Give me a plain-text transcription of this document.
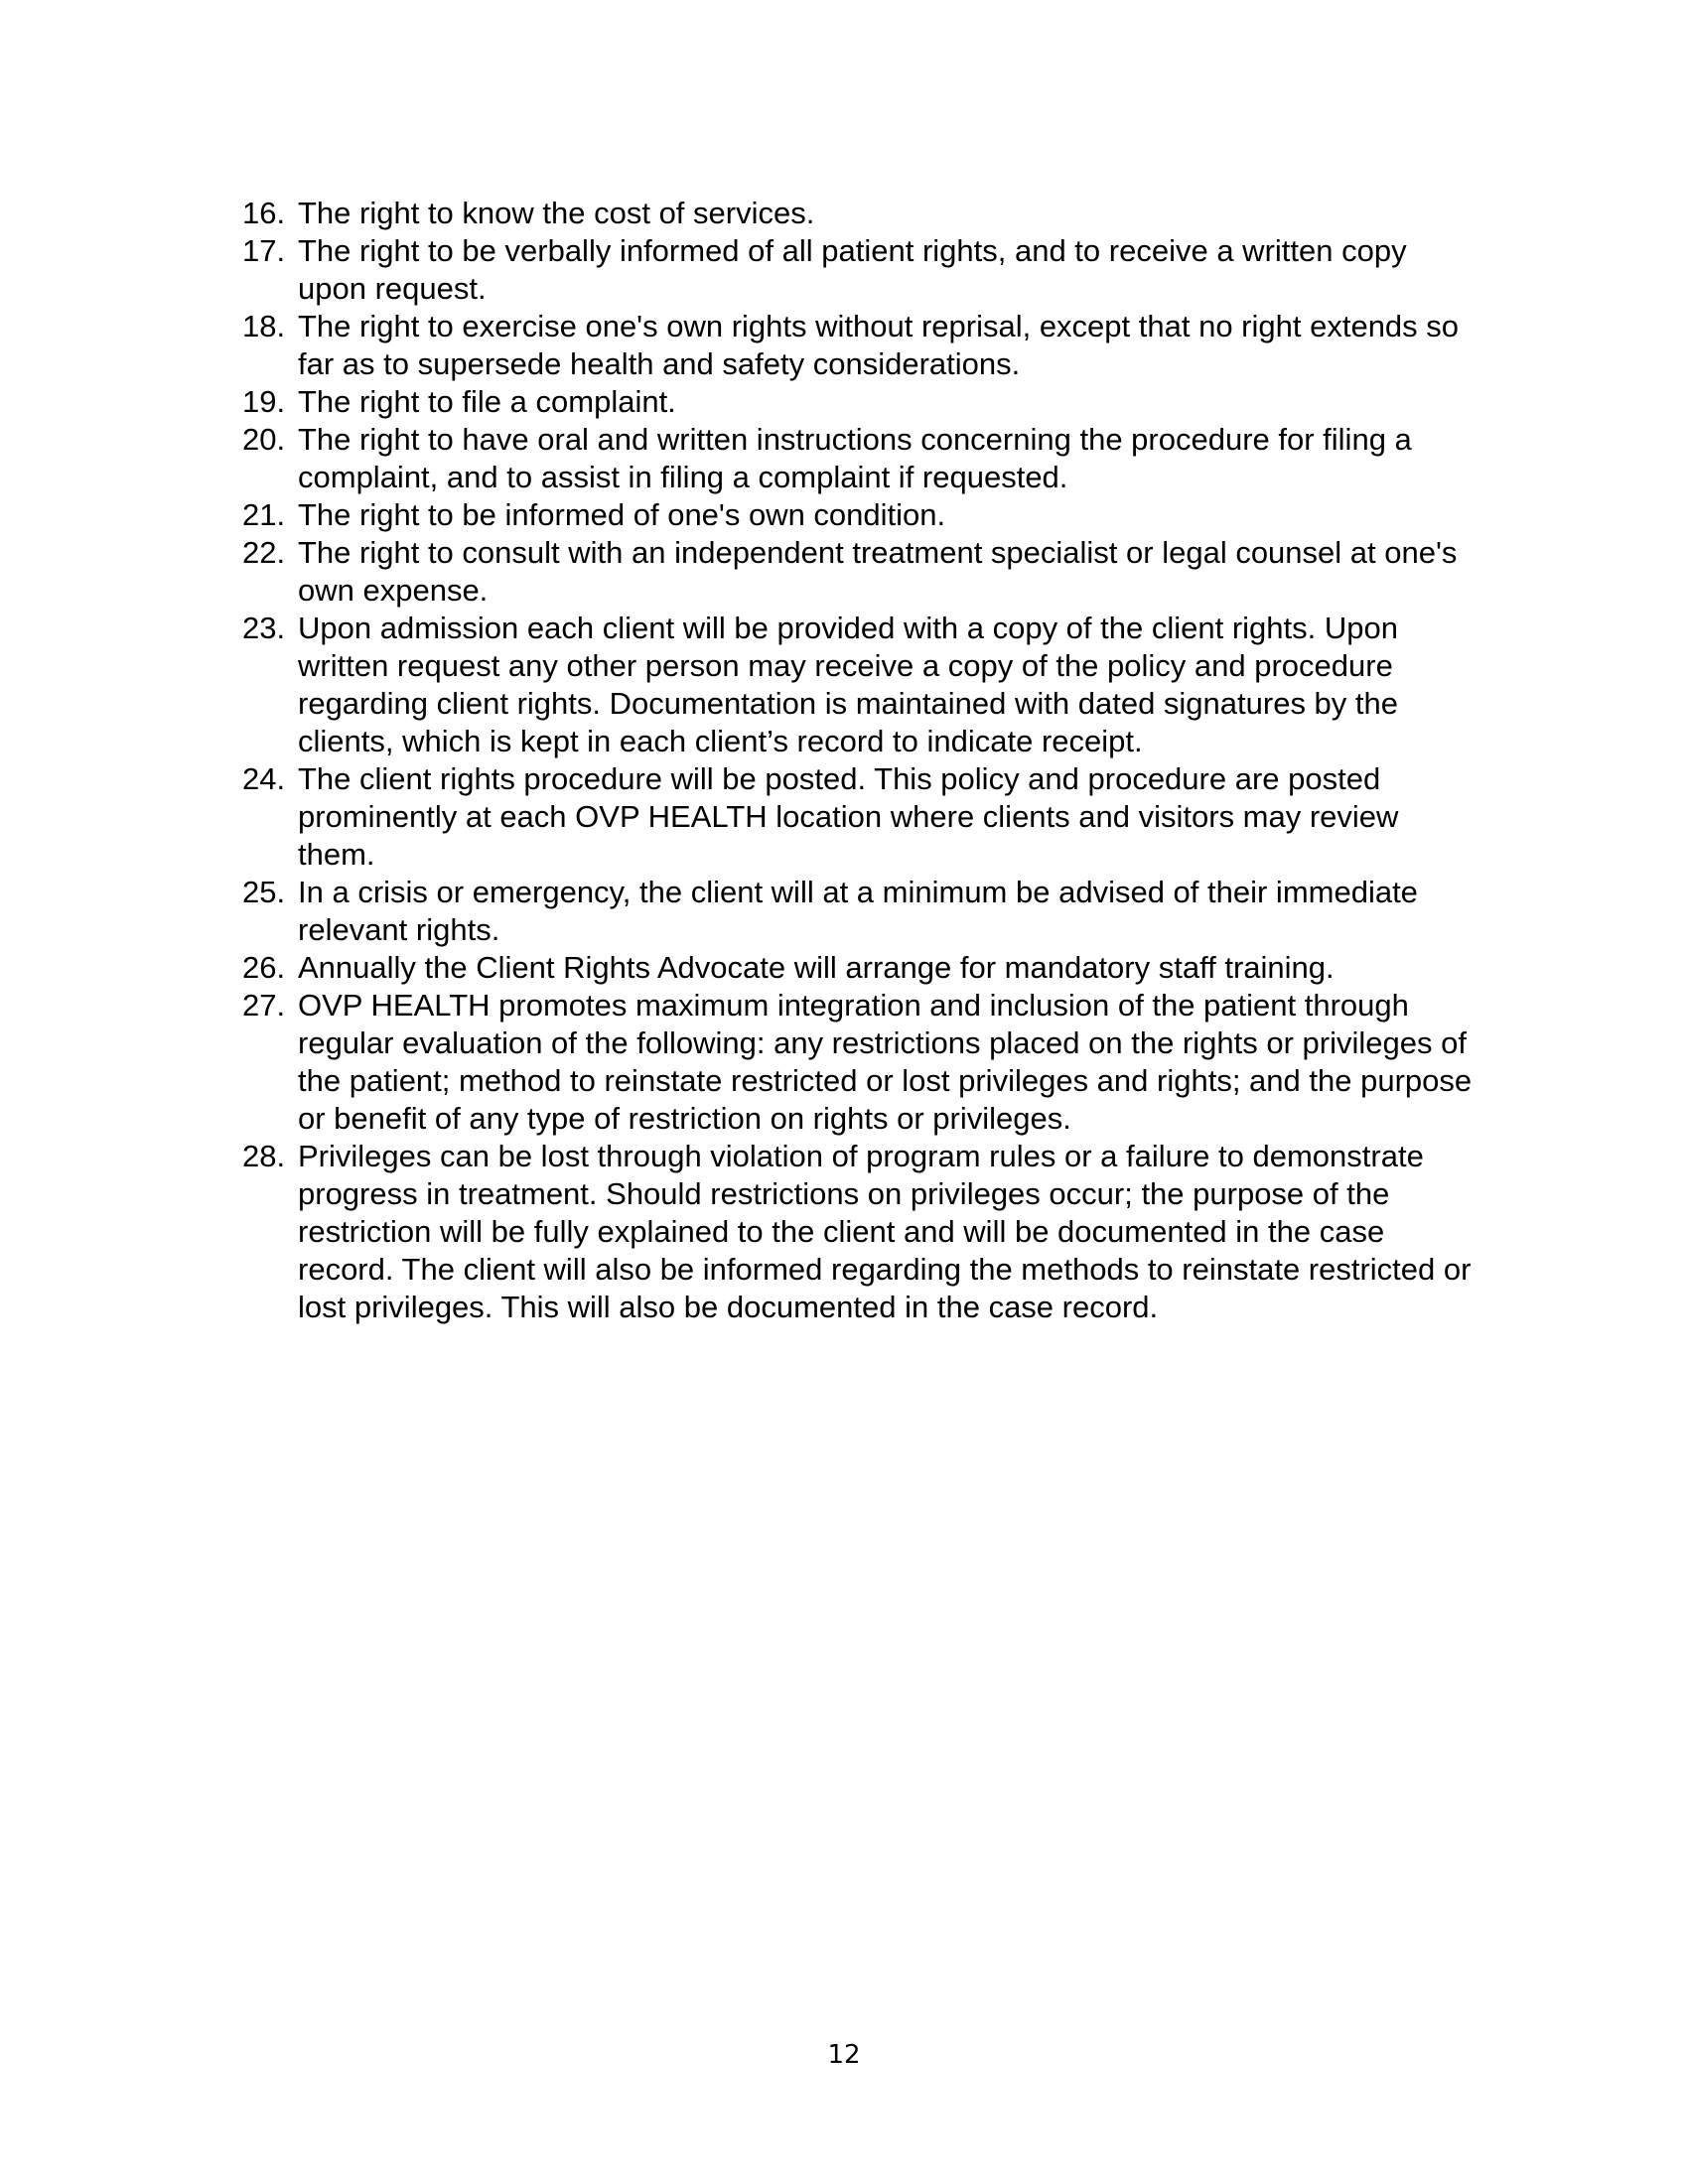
16. The right to know the cost of services.
17. The right to be verbally informed of all patient rights, and to receive a written copy upon request.
18. The right to exercise one's own rights without reprisal, except that no right extends so far as to supersede health and safety considerations.
19. The right to file a complaint.
20. The right to have oral and written instructions concerning the procedure for filing a complaint, and to assist in filing a complaint if requested.
21. The right to be informed of one's own condition.
22. The right to consult with an independent treatment specialist or legal counsel at one's own expense.
23. Upon admission each client will be provided with a copy of the client rights. Upon written request any other person may receive a copy of the policy and procedure regarding client rights. Documentation is maintained with dated signatures by the clients, which is kept in each client’s record to indicate receipt.
24. The client rights procedure will be posted. This policy and procedure are posted prominently at each OVP HEALTH location where clients and visitors may review them.
25. In a crisis or emergency, the client will at a minimum be advised of their immediate relevant rights.
26. Annually the Client Rights Advocate will arrange for mandatory staff training.
27. OVP HEALTH promotes maximum integration and inclusion of the patient through regular evaluation of the following: any restrictions placed on the rights or privileges of the patient; method to reinstate restricted or lost privileges and rights; and the purpose or benefit of any type of restriction on rights or privileges.
28. Privileges can be lost through violation of program rules or a failure to demonstrate progress in treatment. Should restrictions on privileges occur; the purpose of the restriction will be fully explained to the client and will be documented in the case record. The client will also be informed regarding the methods to reinstate restricted or lost privileges. This will also be documented in the case record.
12
